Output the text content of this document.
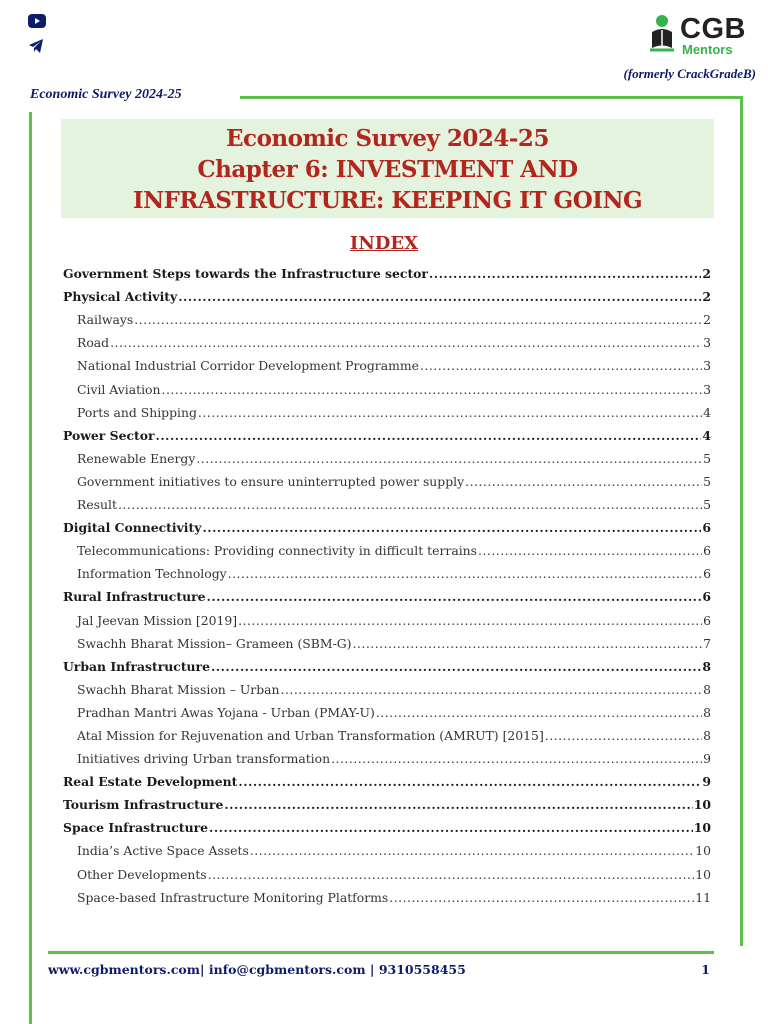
CGB
Mentors
(formerly CrackGradeB)
Economic Survey 2024-25
Economic Survey 2024-25
Chapter 6: INVESTMENT AND
INFRASTRUCTURE: KEEPING IT GOING
INDEX
Government Steps towards the Infrastructure sector .....	2
Physical Activity .....	2
Railways .....	2
Road .....	3
National Industrial Corridor Development Programme .....	3
Civil Aviation .....	3
Ports and Shipping .....	4
Power Sector .....	4
Renewable Energy .....	5
Government initiatives to ensure uninterrupted power supply .....	5
Result .....	5
Digital Connectivity .....	6
Telecommunications: Providing connectivity in difficult terrains .....	6
Information Technology .....	6
Rural Infrastructure .....	6
Jal Jeevan Mission [2019] .....	6
Swachh Bharat Mission– Grameen (SBM-G) .....	7
Urban Infrastructure .....	8
Swachh Bharat Mission – Urban .....	8
Pradhan Mantri Awas Yojana - Urban (PMAY-U) .....	8
Atal Mission for Rejuvenation and Urban Transformation (AMRUT) [2015] .....	8
Initiatives driving Urban transformation .....	9
Real Estate Development .....	9
Tourism Infrastructure .....	10
Space Infrastructure .....	10
India’s Active Space Assets .....	10
Other Developments .....	10
Space-based Infrastructure Monitoring Platforms .....	11
www.cgbmentors.com| info@cgbmentors.com | 9310558455	1
